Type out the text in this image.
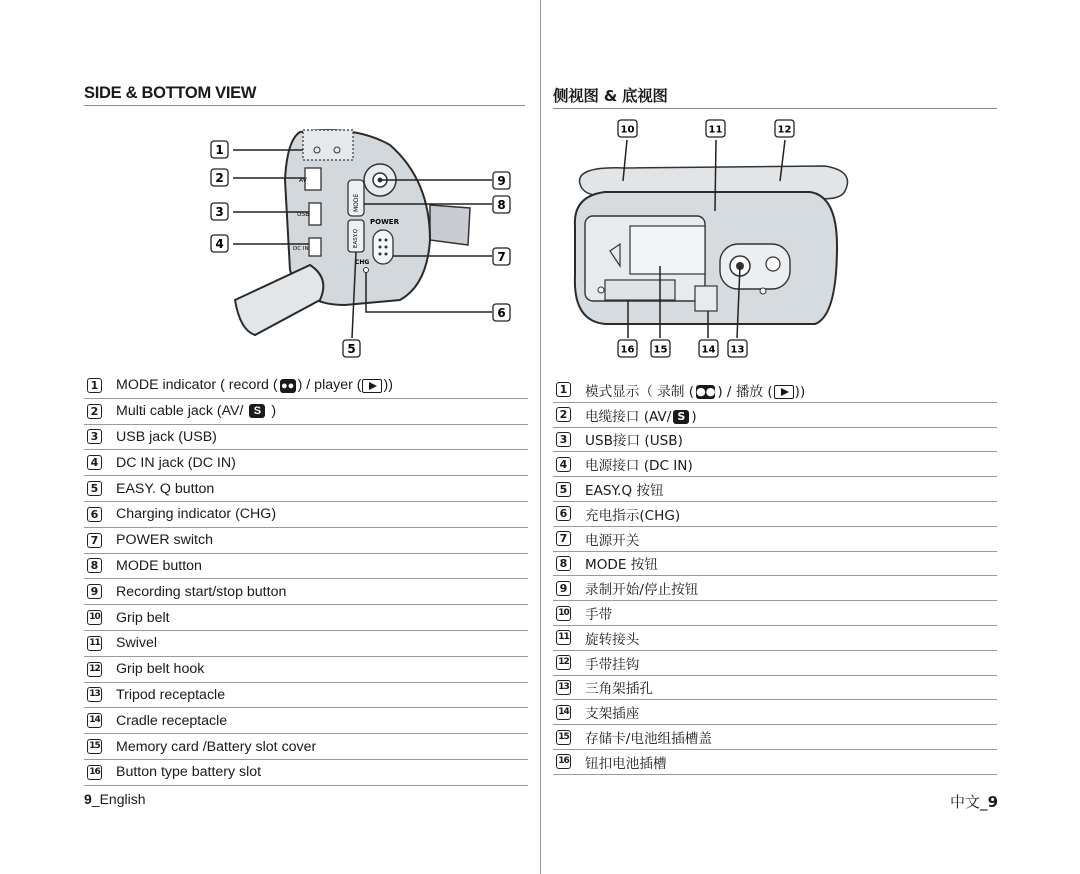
SIDE & BOTTOM VIEW
AV
USB
DC IN
MODE
EASY.Q
POWER
CHG
1
2
3
4
5
6
7
8
9
1 MODE indicator ( record ( ●● ) / player ( ))
2 Multi cable jack (AV/ S )
3 USB jack (USB)
4 DC IN jack (DC IN)
5 EASY. Q button
6 Charging indicator (CHG)
7 POWER switch
8 MODE button
9 Recording start/stop button
10 Grip belt
11 Swivel
12 Grip belt hook
13 Tripod receptacle
14 Cradle receptacle
15 Memory card /Battery slot cover
16 Button type battery slot
9_English
侧视图 & 底视图
10	11	12
13
14
15
16
1 模式显示（ 录制 ( ●● ) / 播放 ( ))
2 电缆接口 (AV/ S )
3 USB接口 (USB)
4 电源接口 (DC IN)
5 EASY.Q 按钮
6 充电指示(CHG)
7 电源开关
8 MODE 按钮
9 录制开始/停止按钮
10 手带
11 旋转接头
12 手带挂钩
13 三角架插孔
14 支架插座
15 存储卡/电池组插槽盖
16 钮扣电池插槽
中文_9
